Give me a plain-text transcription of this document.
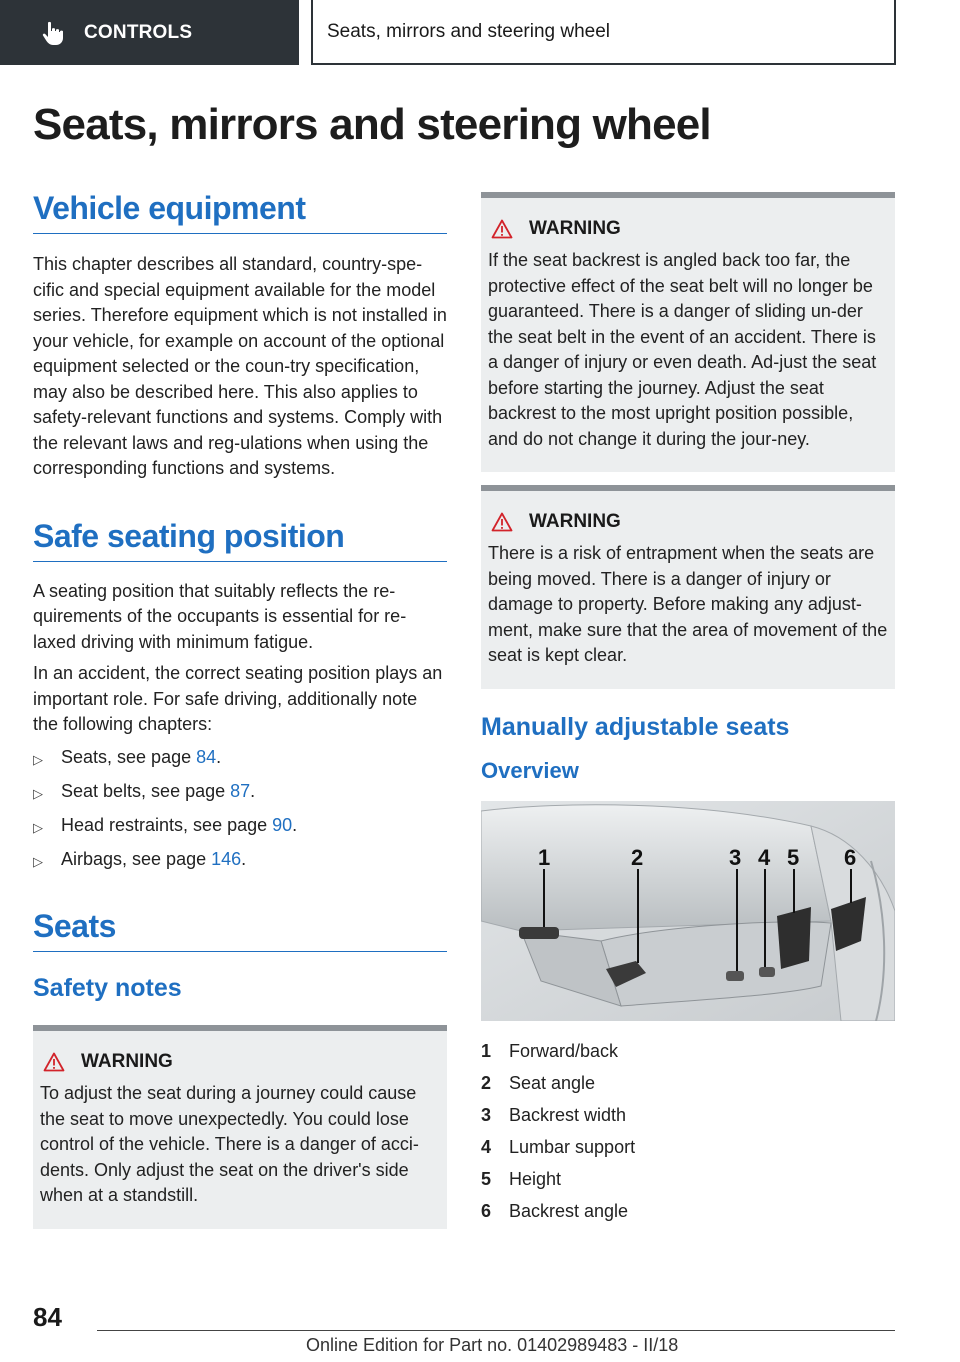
CONTROLS	Seats, mirrors and steering wheel
Seats, mirrors and steering wheel
Vehicle equipment

This chapter describes all standard, country-spe‐cific and special equipment available for the model series. Therefore equipment which is not installed in your vehicle, for example on account of the optional equipment selected or the coun‐try specification, may also be described here. This also applies to safety-relevant functions and systems. Comply with the relevant laws and reg‐ulations when using the corresponding functions and systems.

Safe seating position

A seating position that suitably reflects the re‐quirements of the occupants is essential for re‐laxed driving with minimum fatigue.

In an accident, the correct seating position plays an important role. For safe driving, additionally note the following chapters:

▷	Seats, see page 84.
▷	Seat belts, see page 87.
▷	Head restraints, see page 90.
▷	Airbags, see page 146.
Seats
Safety notes
WARNING

To adjust the seat during a journey could cause the seat to move unexpectedly. You could lose control of the vehicle. There is a danger of acci‐dents. Only adjust the seat on the driver's side when at a standstill.

WARNING

If the seat backrest is angled back too far, the protective effect of the seat belt will no longer be guaranteed. There is a danger of sliding un‐der the seat belt in the event of an accident. There is a danger of injury or even death. Ad‐just the seat before starting the journey. Adjust the seat backrest to the most upright position possible, and do not change it during the jour‐ney.

WARNING

There is a risk of entrapment when the seats are being moved. There is a danger of injury or damage to property. Before making any adjust‐ment, make sure that the area of movement of the seat is kept clear.

Manually adjustable seats
Overview
1	2	3 4 5 6
1 Forward/back
2 Seat angle
3 Backrest width
4 Lumbar support
5 Height
6 Backrest angle
84
Online Edition for Part no. 01402989483 - II/18
